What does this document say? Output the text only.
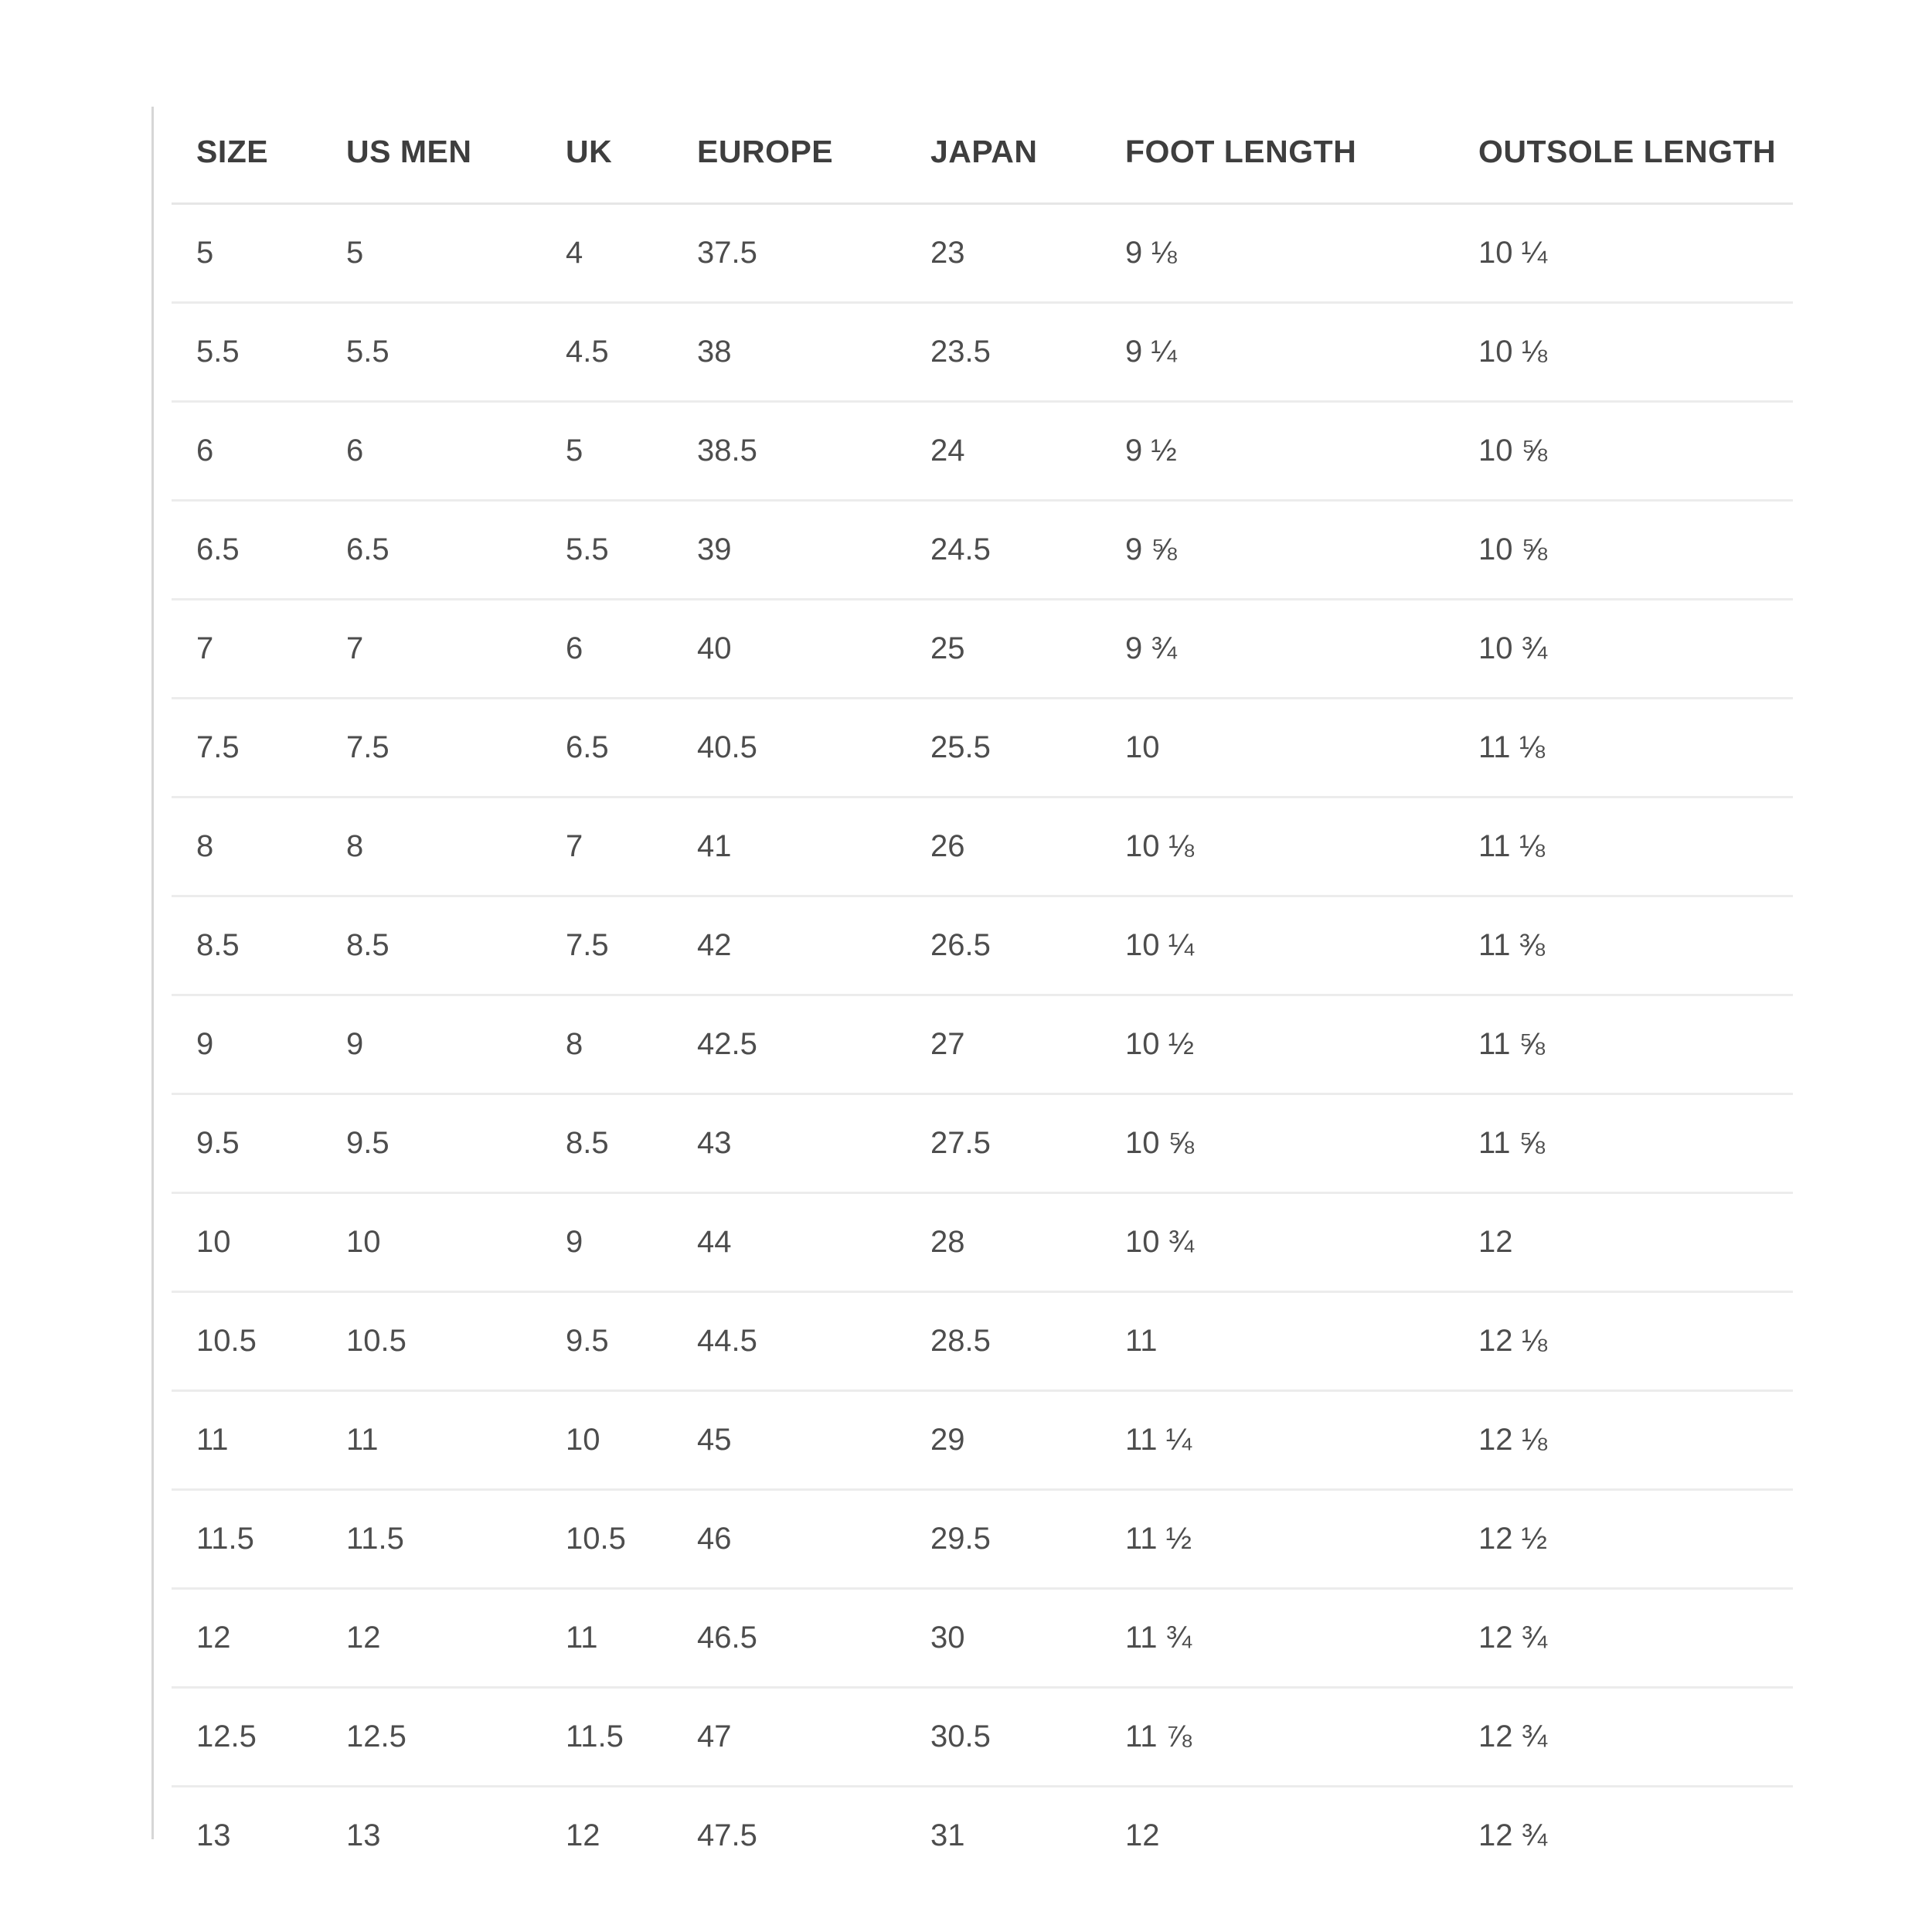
SIZE	US MEN	UK	EUROPE	JAPAN	FOOT LENGTH	OUTSOLE LENGTH
5	5	4	37.5	23	9 ⅛	10 ¼
5.5	5.5	4.5	38	23.5	9 ¼	10 ⅛
6	6	5	38.5	24	9 ½	10 ⅝
6.5	6.5	5.5	39	24.5	9 ⅝	10 ⅝
7	7	6	40	25	9 ¾	10 ¾
7.5	7.5	6.5	40.5	25.5	10	11 ⅛
8	8	7	41	26	10 ⅛	11 ⅛
8.5	8.5	7.5	42	26.5	10 ¼	11 ⅜
9	9	8	42.5	27	10 ½	11 ⅝
9.5	9.5	8.5	43	27.5	10 ⅝	11 ⅝
10	10	9	44	28	10 ¾	12
10.5	10.5	9.5	44.5	28.5	11	12 ⅛
11	11	10	45	29	11 ¼	12 ⅛
11.5	11.5	10.5	46	29.5	11 ½	12 ½
12	12	11	46.5	30	11 ¾	12 ¾
12.5	12.5	11.5	47	30.5	11 ⅞	12 ¾
13	13	12	47.5	31	12	12 ¾
